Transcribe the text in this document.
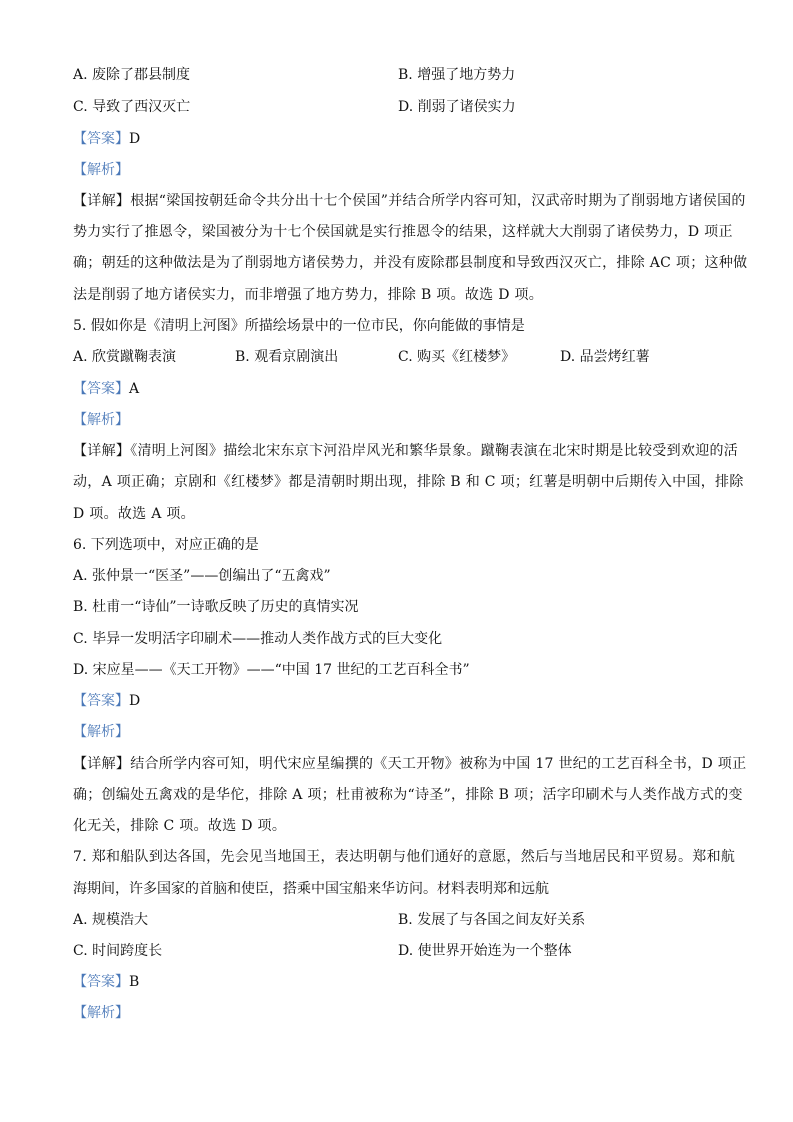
A. 废除了郡县制度	B. 增强了地方势力
C. 导致了西汉灭亡	D. 削弱了诸侯实力
【答案】D
【解析】
【详解】根据“梁国按朝廷命令共分出十七个侯国”并结合所学内容可知，汉武帝时期为了削弱地方诸侯国的
势力实行了推恩令，梁国被分为十七个侯国就是实行推恩令的结果，这样就大大削弱了诸侯势力，D 项正
确；朝廷的这种做法是为了削弱地方诸侯势力，并没有废除郡县制度和导致西汉灭亡，排除 AC 项；这种做
法是削弱了地方诸侯实力，而非增强了地方势力，排除 B 项。故选 D 项。
5. 假如你是《清明上河图》所描绘场景中的一位市民，你向能做的事情是
A. 欣赏蹴鞠表演	B. 观看京剧演出	C. 购买《红楼梦》	D. 品尝烤红薯
【答案】A
【解析】
【详解】《清明上河图》描绘北宋东京卞河沿岸风光和繁华景象。蹴鞠表演在北宋时期是比较受到欢迎的活
动，A 项正确；京剧和《红楼梦》都是清朝时期出现，排除 B 和 C 项；红薯是明朝中后期传入中国，排除
D 项。故选 A 项。
6. 下列选项中，对应正确的是
A. 张仲景一“医圣”——创编出了“五禽戏”
B. 杜甫一“诗仙”一诗歌反映了历史的真情实况
C. 毕异一发明活字印刷术——推动人类作战方式的巨大变化
D. 宋应星——《天工开物》——“中国 17 世纪的工艺百科全书”
【答案】D
【解析】
【详解】结合所学内容可知，明代宋应星编撰的《天工开物》被称为中国 17 世纪的工艺百科全书，D 项正
确；创编处五禽戏的是华佗，排除 A 项；杜甫被称为“诗圣”，排除 B 项；活字印刷术与人类作战方式的变
化无关，排除 C 项。故选 D 项。
7. 郑和船队到达各国，先会见当地国王，表达明朝与他们通好的意愿，然后与当地居民和平贸易。郑和航
海期间，许多国家的首脑和使臣，搭乘中国宝船来华访问。材料表明郑和远航
A. 规模浩大	B. 发展了与各国之间友好关系
C. 时间跨度长	D. 使世界开始连为一个整体
【答案】B
【解析】
